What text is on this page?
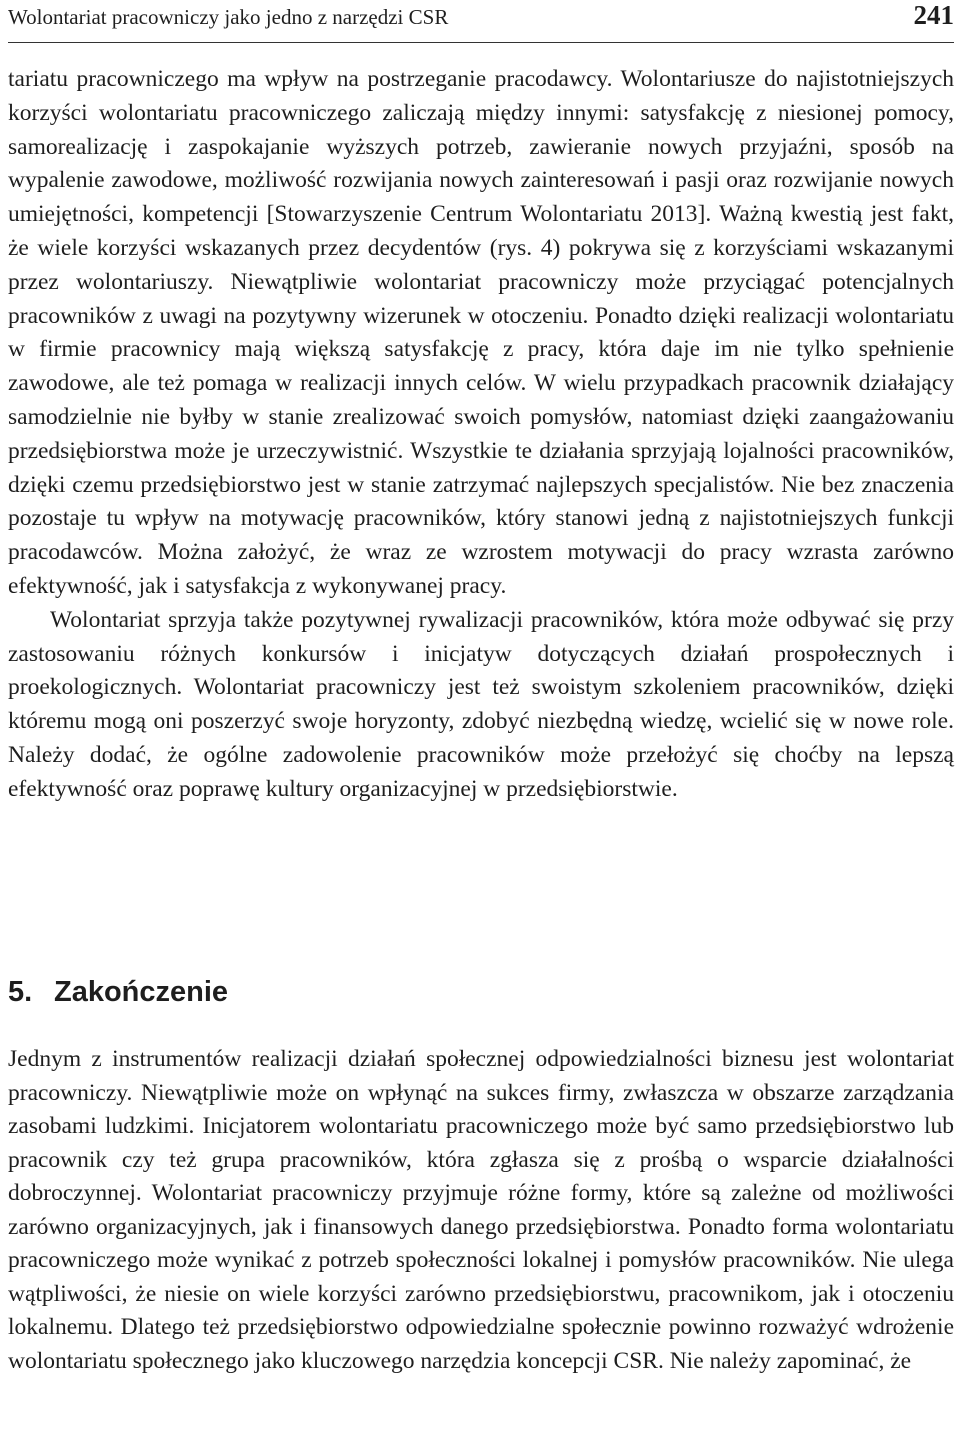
Wolontariat pracowniczy jako jedno z narzędzi CSR	241

tariatu pracowniczego ma wpływ na postrzeganie pracodawcy. Wolontariusze do najistotniejszych korzyści wolontariatu pracowniczego zaliczają między innymi: satysfakcję z niesionej pomocy, samorealizację i zaspokajanie wyższych potrzeb, zawieranie nowych przyjaźni, sposób na wypalenie zawodowe, możliwość rozwijania nowych zainteresowań i pasji oraz rozwijanie nowych umiejętności, kompetencji [Stowarzyszenie Centrum Wolontariatu 2013]. Ważną kwestią jest fakt, że wiele korzyści wskazanych przez decydentów (rys. 4) pokrywa się z korzyściami wskazanymi przez wolontariuszy. Niewątpliwie wolontariat pracowniczy może przyciągać potencjalnych pracowników z uwagi na pozytywny wizerunek w otoczeniu. Ponadto dzięki realizacji wolontariatu w firmie pracownicy mają większą satysfakcję z pracy, która daje im nie tylko spełnienie zawodowe, ale też pomaga w realizacji innych celów. W wielu przypadkach pracownik działający samodzielnie nie byłby w stanie zrealizować swoich pomysłów, natomiast dzięki zaangażowaniu przedsiębiorstwa może je urzeczywistnić. Wszystkie te działania sprzyjają lojalności pracowników, dzięki czemu przedsiębiorstwo jest w stanie zatrzymać najlepszych specjalistów. Nie bez znaczenia pozostaje tu wpływ na motywację pracowników, który stanowi jedną z najistotniejszych funkcji pracodawców. Można założyć, że wraz ze wzrostem motywacji do pracy wzrasta zarówno efektywność, jak i satysfakcja z wykonywanej pracy.

Wolontariat sprzyja także pozytywnej rywalizacji pracowników, która może odbywać się przy zastosowaniu różnych konkursów i inicjatyw dotyczących działań prospołecznych i proekologicznych. Wolontariat pracowniczy jest też swoistym szkoleniem pracowników, dzięki któremu mogą oni poszerzyć swoje horyzonty, zdobyć niezbędną wiedzę, wcielić się w nowe role. Należy dodać, że ogólne zadowolenie pracowników może przełożyć się choćby na lepszą efektywność oraz poprawę kultury organizacyjnej w przedsiębiorstwie.

5. Zakończenie

Jednym z instrumentów realizacji działań społecznej odpowiedzialności biznesu jest wolontariat pracowniczy. Niewątpliwie może on wpłynąć na sukces firmy, zwłaszcza w obszarze zarządzania zasobami ludzkimi. Inicjatorem wolontariatu pracowniczego może być samo przedsiębiorstwo lub pracownik czy też grupa pracowników, która zgłasza się z prośbą o wsparcie działalności dobroczynnej. Wolontariat pracowniczy przyjmuje różne formy, które są zależne od możliwości zarówno organizacyjnych, jak i finansowych danego przedsiębiorstwa. Ponadto forma wolontariatu pracowniczego może wynikać z potrzeb społeczności lokalnej i pomysłów pracowników. Nie ulega wątpliwości, że niesie on wiele korzyści zarówno przedsiębiorstwu, pracownikom, jak i otoczeniu lokalnemu. Dlatego też przedsiębiorstwo odpowiedzialne społecznie powinno rozważyć wdrożenie wolontariatu społecznego jako kluczowego narzędzia koncepcji CSR. Nie należy zapominać, że
